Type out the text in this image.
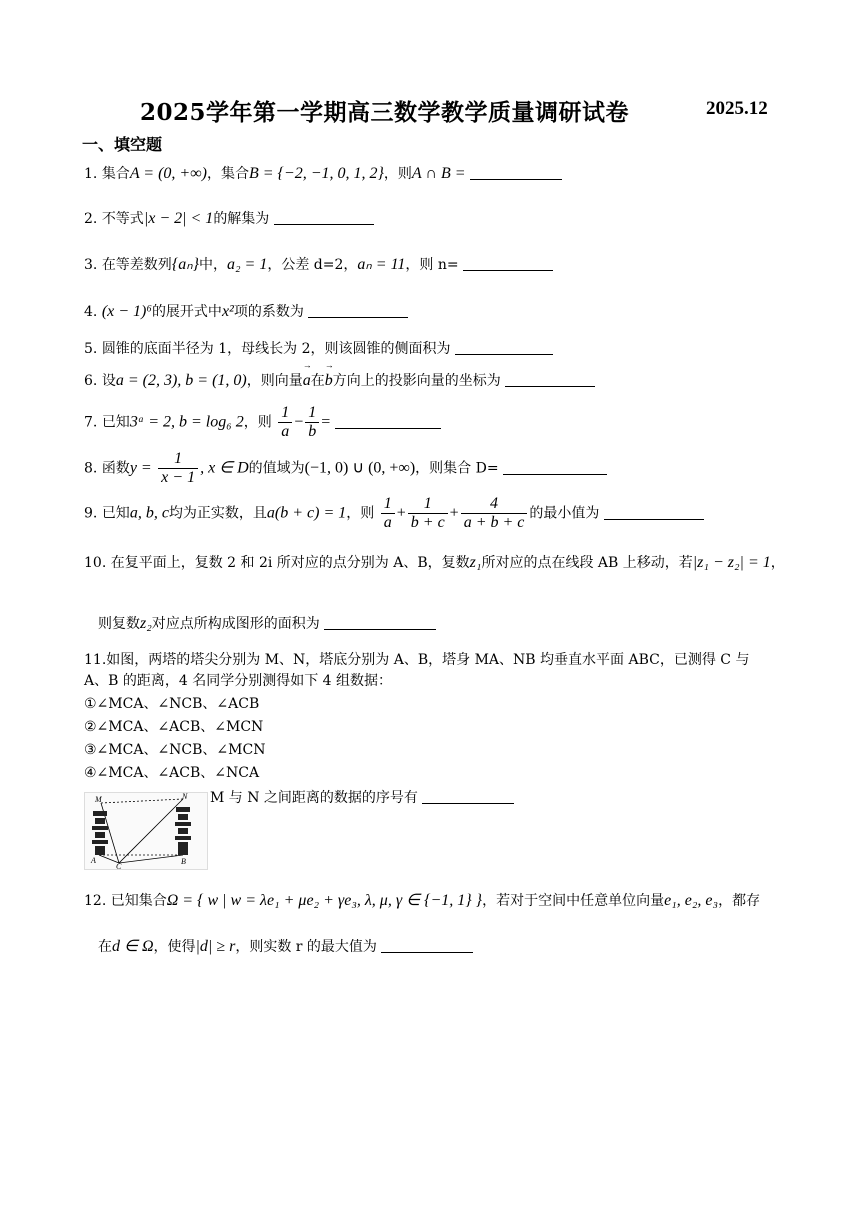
2025学年第一学期高三数学教学质量调研试卷	2025.12
一、填空题
1. 集合A = (0, +∞)，集合B = {−2, −1, 0, 1, 2}，则A ∩ B =
2. 不等式|x − 2| < 1的解集为
3. 在等差数列{aₙ}中，a₂ = 1，公差 d=2，aₙ = 11，则 n=
4. (x − 1)⁶的展开式中x²项的系数为
5. 圆锥的底面半径为 1，母线长为 2，则该圆锥的侧面积为
6. 设a = (2, 3), b = (1, 0)，则向量→ a在→ b方向上的投影向量的坐标为
7. 已知3ᵃ = 2, b = log₆ 2，则 $\frac{1}{a} - \frac{1}{b}$ =
8. 函数$y = \frac{1}{x - 1}$ , x ∈ D的值域为(−1, 0) ∪ (0, +∞)，则集合 D=
9. 已知a, b, c均为正实数，且a(b + c) = 1，则 $\frac{1}{a} + \frac{1}{b + c} + \frac{4}{a + b + c}$ 的最小值为
10. 在复平面上，复数 2 和 2i 所对应的点分别为 A、B，复数z₁所对应的点在线段 AB 上移动，若|z₁ − z₂| = 1，
则复数z₂对应点所构成图形的面积为
11.如图，两塔的塔尖分别为 M、N，塔底分别为 A、B，塔身 MA、NB 均垂直水平面 ABC，已测得 C 与
A、B 的距离，4 名同学分别测得如下 4 组数据：
①∠MCA、∠NCB、∠ACB
②∠MCA、∠ACB、∠MCN
③∠MCA、∠NCB、∠MCN
④∠MCA、∠ACB、∠NCA
M 与 N 之间距离的数据的序号有
M	N
A	B
C
12. 已知集合Ω = { w | w = λe₁ + μe₂ + γe₃, λ, μ, γ ∈ {−1, 1} }，若对于空间中任意单位向量e₁, e₂, e₃，都存
在d ∈ Ω，使得|d| ≥ r，则实数 r 的最大值为
